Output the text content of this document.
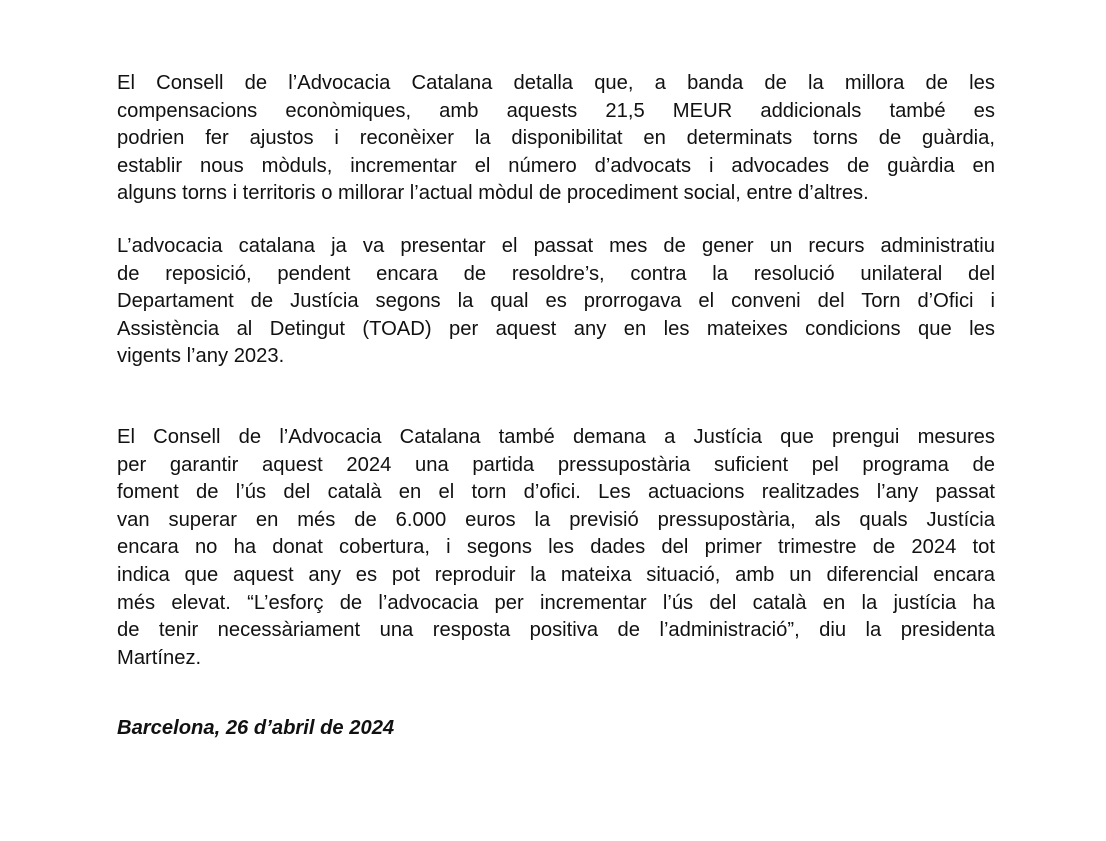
El Consell de l’Advocacia Catalana detalla que, a banda de la millora de les
compensacions econòmiques, amb aquests 21,5 MEUR addicionals també es
podrien fer ajustos i reconèixer la disponibilitat en determinats torns de guàrdia,
establir nous mòduls, incrementar el número d’advocats i advocades de guàrdia en
alguns torns i territoris o millorar l’actual mòdul de procediment social, entre d’altres.

L’advocacia catalana ja va presentar el passat mes de gener un recurs administratiu
de reposició, pendent encara de resoldre’s, contra la resolució unilateral del
Departament de Justícia segons la qual es prorrogava el conveni del Torn d’Ofici i
Assistència al Detingut (TOAD) per aquest any en les mateixes condicions que les
vigents l’any 2023.

El Consell de l’Advocacia Catalana també demana a Justícia que prengui mesures
per garantir aquest 2024 una partida pressupostària suficient pel programa de
foment de l’ús del català en el torn d’ofici. Les actuacions realitzades l’any passat
van superar en més de 6.000 euros la previsió pressupostària, als quals Justícia
encara no ha donat cobertura, i segons les dades del primer trimestre de 2024 tot
indica que aquest any es pot reproduir la mateixa situació, amb un diferencial encara
més elevat. “L’esforç de l’advocacia per incrementar l’ús del català en la justícia ha
de tenir necessàriament una resposta positiva de l’administració”, diu la presidenta
Martínez.

Barcelona, 26 d’abril de 2024
